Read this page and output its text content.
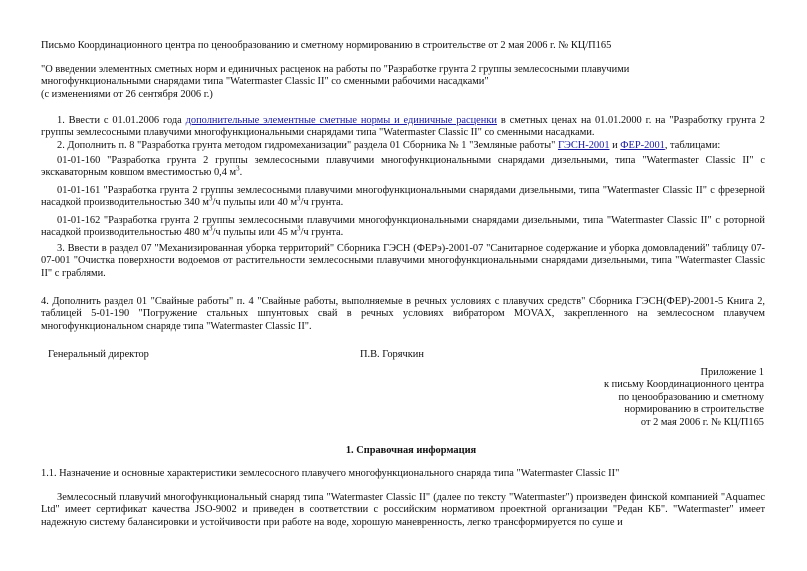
Письмо Координационного центра по ценообразованию и сметному нормированию в строительстве от 2 мая 2006 г. № КЦ/П165
"О введении элементных сметных норм и единичных расценок на работы по "Разработке грунта 2 группы землесосными плавучими
многофункциональными снарядами типа "Watermaster Classic II" со сменными рабочими насадками"
(с изменениями от 26 сентября 2006 г.)
1. Ввести с 01.01.2006 года дополнительные элементные сметные нормы и единичные расценки в сметных ценах на 01.01.2000 г. на "Разработку грунта 2 группы землесосными плавучими многофункциональными снарядами типа "Watermaster Classic II" со сменными насадками.
2. Дополнить п. 8 "Разработка грунта методом гидромеханизации" раздела 01 Сборника № 1 "Земляные работы" ГЭСН-2001 и ФЕР-2001, таблицами:
01-01-160 "Разработка грунта 2 группы землесосными плавучими многофункциональными снарядами дизельными, типа "Watermaster Classic II" с экскаваторным ковшом вместимостью 0,4 $м^3$.
01-01-161 "Разработка грунта 2 группы землесосными плавучими многофункциональными снарядами дизельными, типа "Watermaster Classic II" с фрезерной насадкой производительностью 340 $м^3/ч$ пульпы или 40 $м^3/ч$ грунта.
01-01-162 "Разработка грунта 2 группы землесосными плавучими многофункциональными снарядами дизельными, типа "Watermaster Classic II" с роторной насадкой производительностью 480 $м^3/ч$ пульпы или 45 $м^3/ч$ грунта.
3. Ввести в раздел 07 "Механизированная уборка территорий" Сборника ГЭСН (ФЕРэ)-2001-07 "Санитарное содержание и уборка домовладений" таблицу 07-07-001 "Очистка поверхности водоемов от растительности землесосными плавучими многофункциональными снарядами дизельными, типа "Watermaster Classic II" с граблями.
4. Дополнить раздел 01 "Свайные работы" п. 4 "Свайные работы, выполняемые в речных условиях с плавучих средств" Сборника ГЭСН(ФЕР)-2001-5 Книга 2, таблицей 5-01-190 "Погружение стальных шпунтовых свай в речных условиях вибратором MOVAX, закрепленного на землесосном плавучем многофункциональном снаряде типа "Watermaster Classic II".
Генеральный директор	П.В. Горячкин
Приложение 1
к письму Координационного центра
по ценообразованию и сметному
нормированию в строительстве
от 2 мая 2006 г. № КЦ/П165
1. Справочная информация
1.1. Назначение и основные характеристики землесосного плавучего многофункционального снаряда типа "Watermaster Classic II"
Землесосный плавучий многофункциональный снаряд типа "Watermaster Classic II" (далее по тексту "Watermaster") произведен финской компанией "Aquamec Ltd" имеет сертификат качества JSO-9002 и приведен в соответствии с российским нормативом проектной организации "Редан КБ". "Watermaster" имеет надежную систему балансировки и устойчивости при работе на воде, хорошую маневренность, легко трансформируется по суше и
